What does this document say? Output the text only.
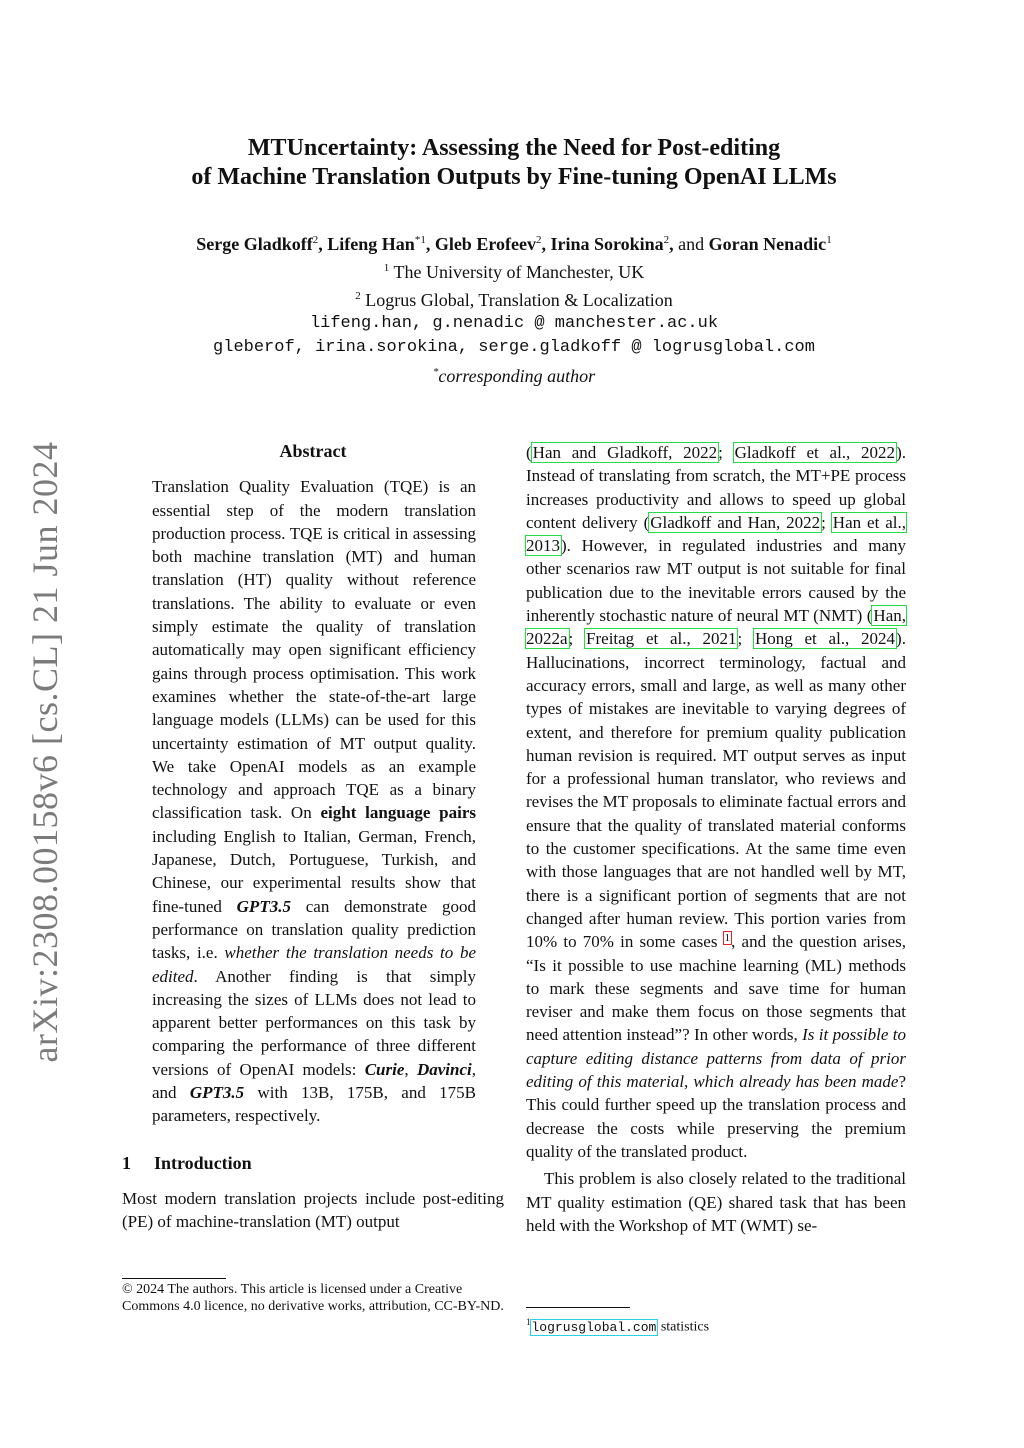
arXiv:2308.00158v6 [cs.CL] 21 Jun 2024
MTUncertainty: Assessing the Need for Post-editing
of Machine Translation Outputs by Fine-tuning OpenAI LLMs
Serge Gladkoff$^2$, Lifeng Han$^{*1}$, Gleb Erofeev$^2$, Irina Sorokina$^2$, and Goran Nenadic$^1$
$^1$ The University of Manchester, UK
$^2$ Logrus Global, Translation & Localization
lifeng.han, g.nenadic @ manchester.ac.uk
gleberof, irina.sorokina, serge.gladkoff @ logrusglobal.com
*corresponding author
Abstract

Translation Quality Evaluation (TQE) is an essential step of the modern translation production process. TQE is critical in assessing both machine translation (MT) and human translation (HT) quality without reference translations. The ability to evaluate or even simply estimate the quality of translation automatically may open significant efficiency gains through process optimisation. This work examines whether the state-of-the-art large language models (LLMs) can be used for this uncertainty estimation of MT output quality. We take OpenAI models as an example technology and approach TQE as a binary classification task. On eight language pairs including English to Italian, German, French, Japanese, Dutch, Portuguese, Turkish, and Chinese, our experimental results show that fine-tuned GPT3.5 can demonstrate good performance on translation quality prediction tasks, i.e. whether the translation needs to be edited. Another finding is that simply increasing the sizes of LLMs does not lead to apparent better performances on this task by comparing the performance of three different versions of OpenAI models: Curie, Davinci, and GPT3.5 with 13B, 175B, and 175B parameters, respectively.

1 Introduction

Most modern translation projects include post-editing (PE) of machine-translation (MT) output

(Han and Gladkoff, 2022; Gladkoff et al., 2022). Instead of translating from scratch, the MT+PE process increases productivity and allows to speed up global content delivery (Gladkoff and Han, 2022; Han et al., 2013). However, in regulated industries and many other scenarios raw MT output is not suitable for final publication due to the inevitable errors caused by the inherently stochastic nature of neural MT (NMT) (Han, 2022a; Freitag et al., 2021; Hong et al., 2024). Hallucinations, incorrect terminology, factual and accuracy errors, small and large, as well as many other types of mistakes are inevitable to varying degrees of extent, and therefore for premium quality publication human revision is required. MT output serves as input for a professional human translator, who reviews and revises the MT proposals to eliminate factual errors and ensure that the quality of translated material conforms to the customer specifications. At the same time even with those languages that are not handled well by MT, there is a significant portion of segments that are not changed after human review. This portion varies from 10% to 70% in some cases $^1$, and the question arises, “Is it possible to use machine learning (ML) methods to mark these segments and save time for human reviser and make them focus on those segments that need attention instead”? In other words, Is it possible to capture editing distance patterns from data of prior editing of this material, which already has been made? This could further speed up the translation process and decrease the costs while preserving the premium quality of the translated product.

This problem is also closely related to the traditional MT quality estimation (QE) shared task that has been held with the Workshop of MT (WMT) se-

© 2024 The authors. This article is licensed under a Creative Commons 4.0 licence, no derivative works, attribution, CC-BY-ND.
$^1$logrusglobal.com statistics
